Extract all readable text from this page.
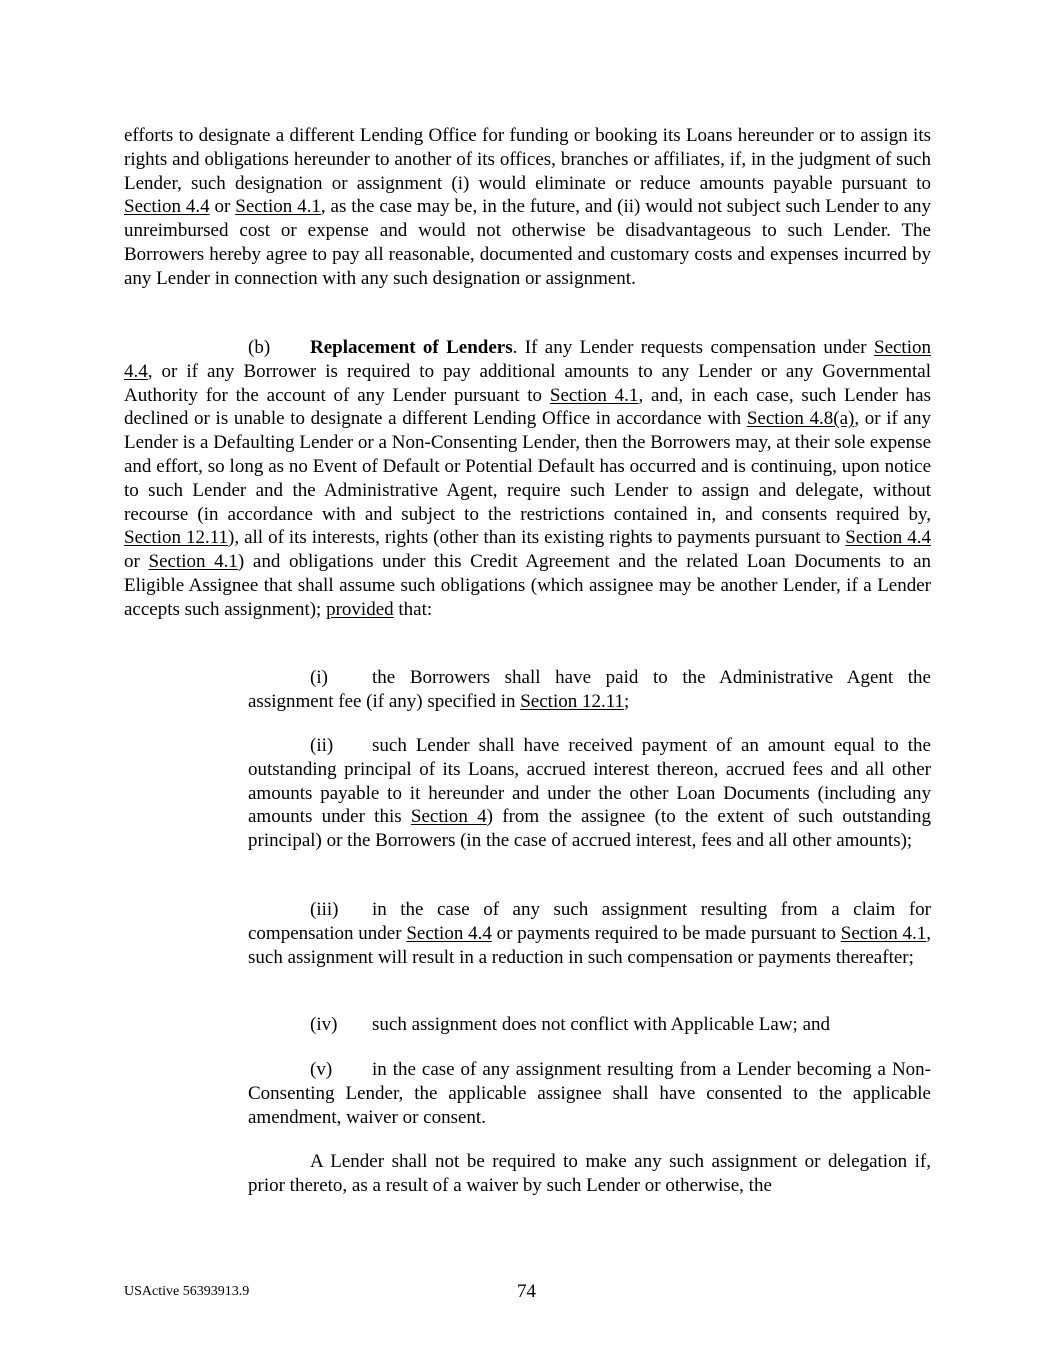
efforts to designate a different Lending Office for funding or booking its Loans hereunder or to assign its rights and obligations hereunder to another of its offices, branches or affiliates, if, in the judgment of such Lender, such designation or assignment (i) would eliminate or reduce amounts payable pursuant to Section 4.4 or Section 4.1, as the case may be, in the future, and (ii) would not subject such Lender to any unreimbursed cost or expense and would not otherwise be disadvantageous to such Lender. The Borrowers hereby agree to pay all reasonable, documented and customary costs and expenses incurred by any Lender in connection with any such designation or assignment.

(b) Replacement of Lenders. If any Lender requests compensation under Section 4.4, or if any Borrower is required to pay additional amounts to any Lender or any Governmental Authority for the account of any Lender pursuant to Section 4.1, and, in each case, such Lender has declined or is unable to designate a different Lending Office in accordance with Section 4.8(a), or if any Lender is a Defaulting Lender or a Non-Consenting Lender, then the Borrowers may, at their sole expense and effort, so long as no Event of Default or Potential Default has occurred and is continuing, upon notice to such Lender and the Administrative Agent, require such Lender to assign and delegate, without recourse (in accordance with and subject to the restrictions contained in, and consents required by, Section 12.11), all of its interests, rights (other than its existing rights to payments pursuant to Section 4.4 or Section 4.1) and obligations under this Credit Agreement and the related Loan Documents to an Eligible Assignee that shall assume such obligations (which assignee may be another Lender, if a Lender accepts such assignment); provided that:

(i) the Borrowers shall have paid to the Administrative Agent the assignment fee (if any) specified in Section 12.11;

(ii) such Lender shall have received payment of an amount equal to the outstanding principal of its Loans, accrued interest thereon, accrued fees and all other amounts payable to it hereunder and under the other Loan Documents (including any amounts under this Section 4) from the assignee (to the extent of such outstanding principal) or the Borrowers (in the case of accrued interest, fees and all other amounts);

(iii) in the case of any such assignment resulting from a claim for compensation under Section 4.4 or payments required to be made pursuant to Section 4.1, such assignment will result in a reduction in such compensation or payments thereafter;

(iv) such assignment does not conflict with Applicable Law; and

(v) in the case of any assignment resulting from a Lender becoming a Non-Consenting Lender, the applicable assignee shall have consented to the applicable amendment, waiver or consent.

A Lender shall not be required to make any such assignment or delegation if, prior thereto, as a result of a waiver by such Lender or otherwise, the

USActive 56393913.9	74
